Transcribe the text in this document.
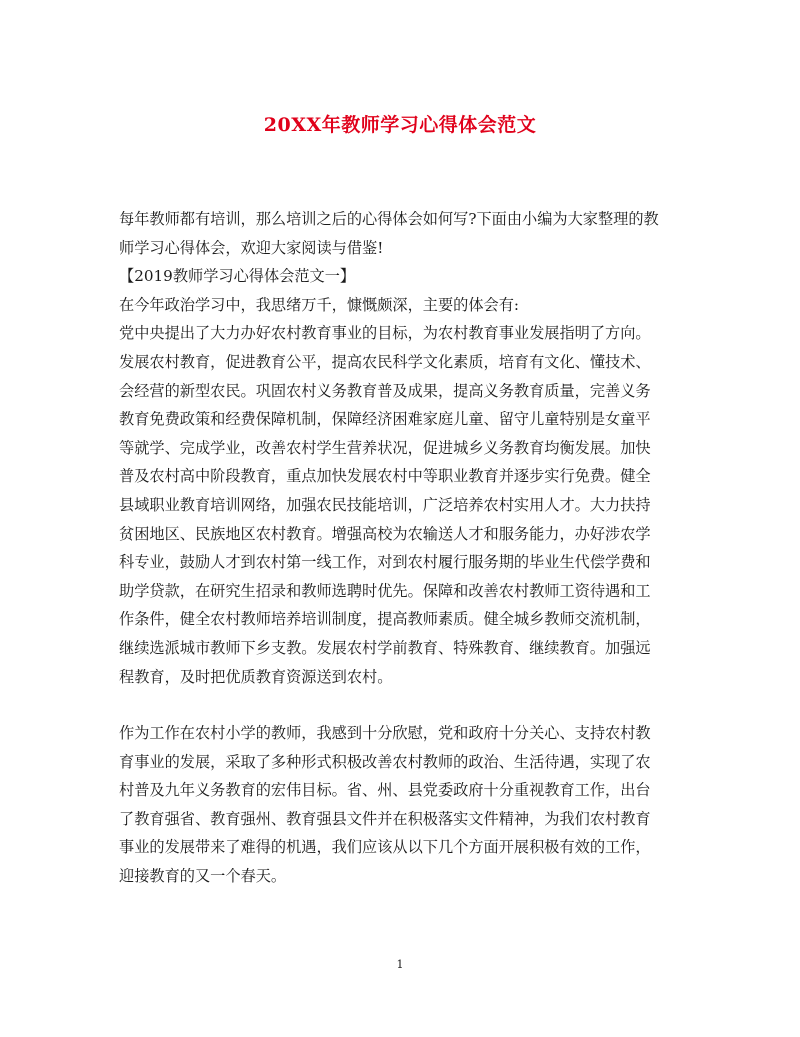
20XX年教师学习心得体会范文

每年教师都有培训，那么培训之后的心得体会如何写?下面由小编为大家整理的教
师学习心得体会，欢迎大家阅读与借鉴!

【2019教师学习心得体会范文一】

在今年政治学习中，我思绪万千，慷慨颇深，主要的体会有:

党中央提出了大力办好农村教育事业的目标，为农村教育事业发展指明了方向。
发展农村教育，促进教育公平，提高农民科学文化素质，培育有文化、懂技术、
会经营的新型农民。巩固农村义务教育普及成果，提高义务教育质量，完善义务
教育免费政策和经费保障机制，保障经济困难家庭儿童、留守儿童特别是女童平
等就学、完成学业，改善农村学生营养状况，促进城乡义务教育均衡发展。加快
普及农村高中阶段教育，重点加快发展农村中等职业教育并逐步实行免费。健全
县域职业教育培训网络，加强农民技能培训，广泛培养农村实用人才。大力扶持
贫困地区、民族地区农村教育。增强高校为农输送人才和服务能力，办好涉农学
科专业，鼓励人才到农村第一线工作，对到农村履行服务期的毕业生代偿学费和
助学贷款，在研究生招录和教师选聘时优先。保障和改善农村教师工资待遇和工
作条件，健全农村教师培养培训制度，提高教师素质。健全城乡教师交流机制，
继续选派城市教师下乡支教。发展农村学前教育、特殊教育、继续教育。加强远
程教育，及时把优质教育资源送到农村。

作为工作在农村小学的教师，我感到十分欣慰，党和政府十分关心、支持农村教
育事业的发展，采取了多种形式积极改善农村教师的政治、生活待遇，实现了农
村普及九年义务教育的宏伟目标。省、州、县党委政府十分重视教育工作，出台
了教育强省、教育强州、教育强县文件并在积极落实文件精神，为我们农村教育
事业的发展带来了难得的机遇，我们应该从以下几个方面开展积极有效的工作，
迎接教育的又一个春天。

1
